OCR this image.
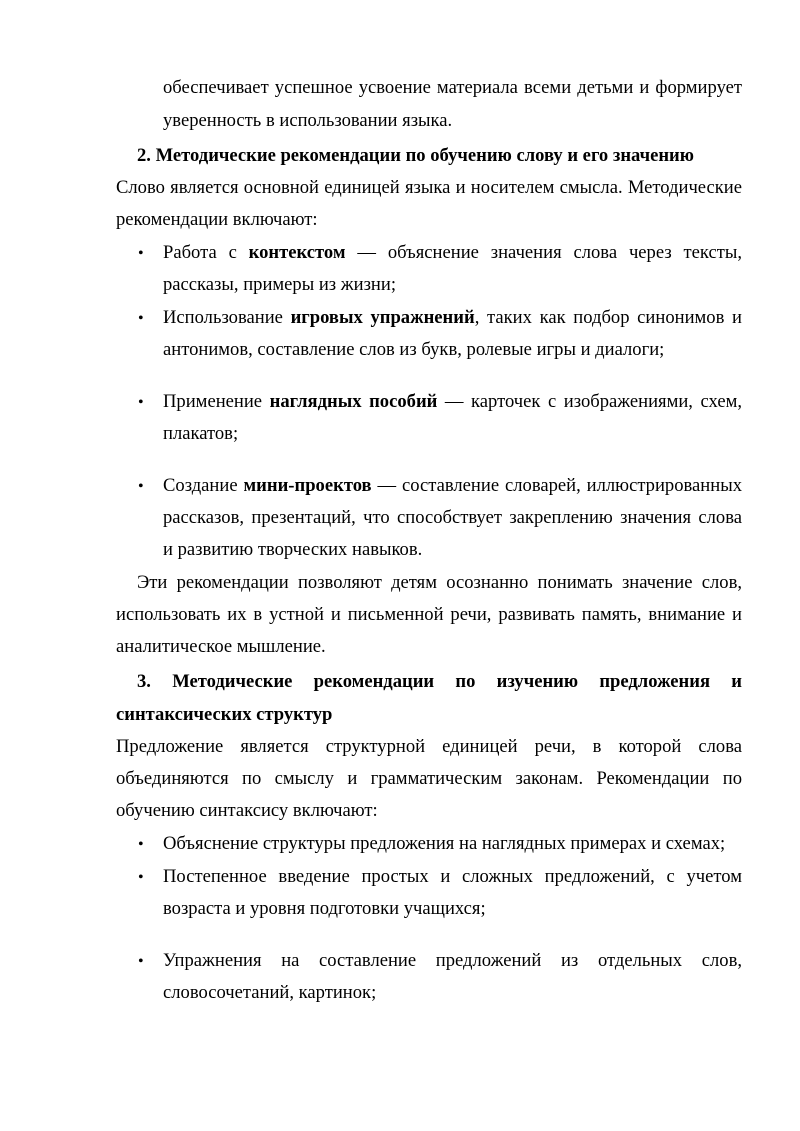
обеспечивает успешное усвоение материала всеми детьми и формирует
уверенность в использовании языка.
2. Методические рекомендации по обучению слову и его значению
Слово является основной единицей языка и носителем смысла. Методические
рекомендации включают:
• Работа с контекстом — объяснение значения слова через тексты,
рассказы, примеры из жизни;
• Использование игровых упражнений, таких как подбор синонимов и
антонимов, составление слов из букв, ролевые игры и диалоги;
• Применение наглядных пособий — карточек с изображениями, схем,
плакатов;
• Создание мини-проектов — составление словарей, иллюстрированных
рассказов, презентаций, что способствует закреплению значения слова
и развитию творческих навыков.
Эти рекомендации позволяют детям осознанно понимать значение слов,
использовать их в устной и письменной речи, развивать память, внимание и
аналитическое мышление.
3. Методические рекомендации по изучению предложения и
синтаксических структур
Предложение является структурной единицей речи, в которой слова
объединяются по смыслу и грамматическим законам. Рекомендации по
обучению синтаксису включают:
• Объяснение структуры предложения на наглядных примерах и схемах;
• Постепенное введение простых и сложных предложений, с учетом
возраста и уровня подготовки учащихся;
• Упражнения на составление предложений из отдельных слов,
словосочетаний, картинок;
